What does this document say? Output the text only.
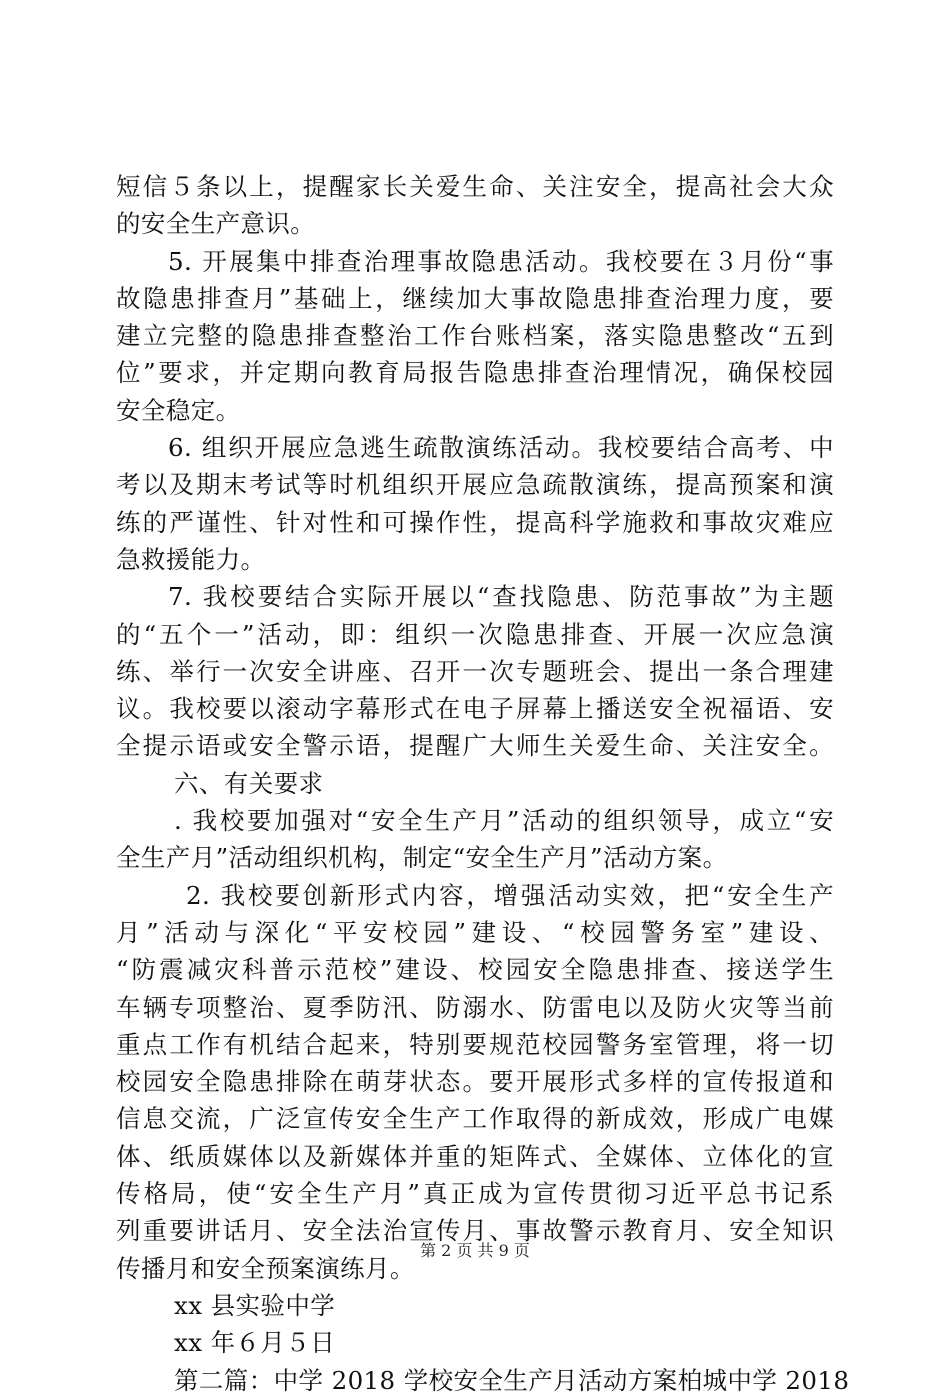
短信５条以上，提醒家长关爱生命、关注安全，提高社会大众
的安全生产意识。
5. 开展集中排查治理事故隐患活动。我校要在３月份“事
故隐患排查月”基础上，继续加大事故隐患排查治理力度，要
建立完整的隐患排查整治工作台账档案，落实隐患整改“五到
位”要求，并定期向教育局报告隐患排查治理情况，确保校园
安全稳定。
6. 组织开展应急逃生疏散演练活动。我校要结合高考、中
考以及期末考试等时机组织开展应急疏散演练，提高预案和演
练的严谨性、针对性和可操作性，提高科学施救和事故灾难应
急救援能力。
7. 我校要结合实际开展以“查找隐患、防范事故”为主题
的“五个一”活动，即：组织一次隐患排查、开展一次应急演
练、举行一次安全讲座、召开一次专题班会、提出一条合理建
议。我校要以滚动字幕形式在电子屏幕上播送安全祝福语、安
全提示语或安全警示语，提醒广大师生关爱生命、关注安全。
六、有关要求
. 我校要加强对“安全生产月”活动的组织领导，成立“安
全生产月”活动组织机构，制定“安全生产月”活动方案。
2. 我校要创新形式内容，增强活动实效，把“安全生产
月”活动与深化“平安校园”建设、“校园警务室”建设、
“防震减灾科普示范校”建设、校园安全隐患排查、接送学生
车辆专项整治、夏季防汛、防溺水、防雷电以及防火灾等当前
重点工作有机结合起来，特别要规范校园警务室管理，将一切
校园安全隐患排除在萌芽状态。要开展形式多样的宣传报道和
信息交流，广泛宣传安全生产工作取得的新成效，形成广电媒
体、纸质媒体以及新媒体并重的矩阵式、全媒体、立体化的宣
传格局，使“安全生产月”真正成为宣传贯彻习近平总书记系
列重要讲话月、安全法治宣传月、事故警示教育月、安全知识
传播月和安全预案演练月。
xx 县实验中学
xx 年６月５日
第二篇：中学 2018 学校安全生产月活动方案柏城中学 2018
第 2 页 共 9 页
